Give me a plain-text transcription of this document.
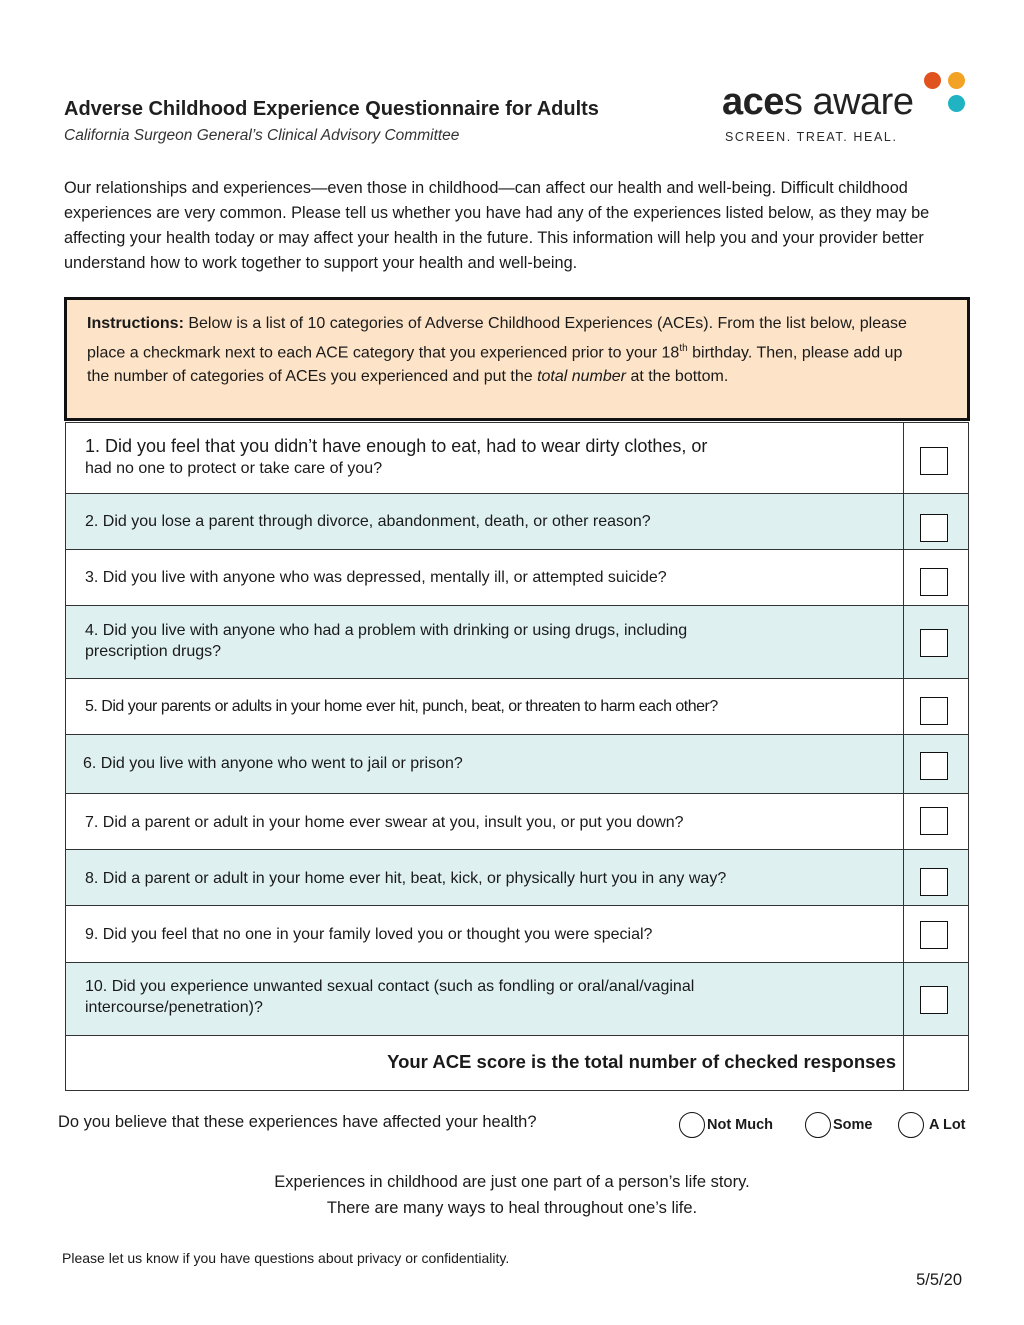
Adverse Childhood Experience Questionnaire for Adults
California Surgeon General’s Clinical Advisory Committee
aces aware
SCREEN. TREAT. HEAL.
Our relationships and experiences—even those in childhood—can affect our health and well-being. Difficult childhood experiences are very common. Please tell us whether you have had any of the experiences listed below, as they may be affecting your health today or may affect your health in the future. This information will help you and your provider better understand how to work together to support your health and well-being.
Instructions: Below is a list of 10 categories of Adverse Childhood Experiences (ACEs). From the list below, please place a checkmark next to each ACE category that you experienced prior to your 18th birthday. Then, please add up the number of categories of ACEs you experienced and put the total number at the bottom.
1. Did you feel that you didn’t have enough to eat, had to wear dirty clothes, or
had no one to protect or take care of you?
2. Did you lose a parent through divorce, abandonment, death, or other reason?
3. Did you live with anyone who was depressed, mentally ill, or attempted suicide?
4. Did you live with anyone who had a problem with drinking or using drugs, including
prescription drugs?
5. Did your parents or adults in your home ever hit, punch, beat, or threaten to harm each other?
6. Did you live with anyone who went to jail or prison?
7. Did a parent or adult in your home ever swear at you, insult you, or put you down?
8. Did a parent or adult in your home ever hit, beat, kick, or physically hurt you in any way?
9. Did you feel that no one in your family loved you or thought you were special?
10. Did you experience unwanted sexual contact (such as fondling or oral/anal/vaginal
intercourse/penetration)?
Your ACE score is the total number of checked responses
Do you believe that these experiences have affected your health?	Not Much	Some	A Lot
Experiences in childhood are just one part of a person’s life story.
There are many ways to heal throughout one’s life.
Please let us know if you have questions about privacy or confidentiality.
5/5/20
